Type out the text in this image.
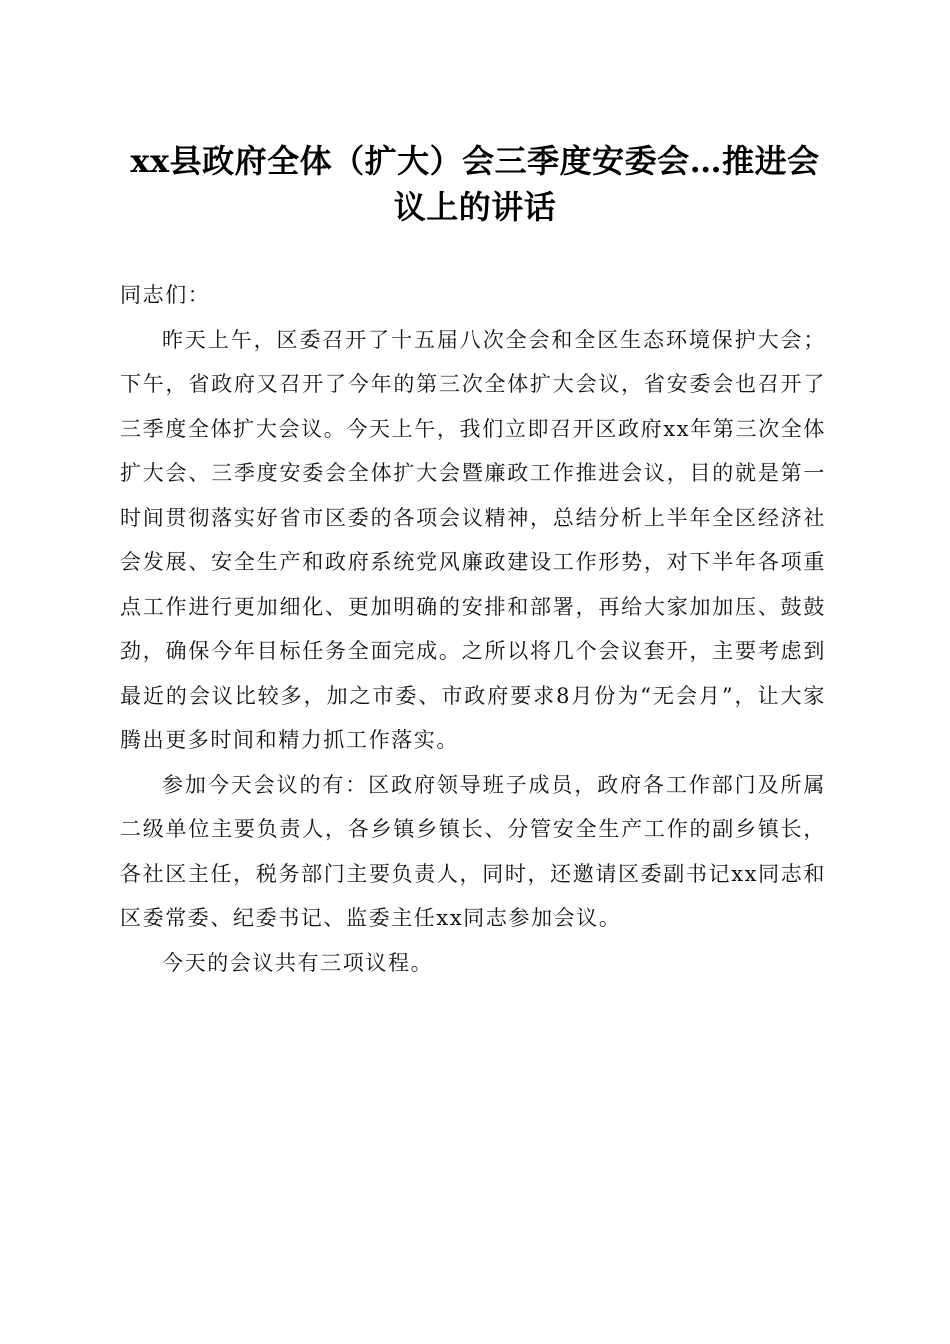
xx县政府全体（扩大）会三季度安委会…推进会议上的讲话

同志们：

昨天上午，区委召开了十五届八次全会和全区生态环境保护大会；下午，省政府又召开了今年的第三次全体扩大会议，省安委会也召开了三季度全体扩大会议。今天上午，我们立即召开区政府xx年第三次全体扩大会、三季度安委会全体扩大会暨廉政工作推进会议，目的就是第一时间贯彻落实好省市区委的各项会议精神，总结分析上半年全区经济社会发展、安全生产和政府系统党风廉政建设工作形势，对下半年各项重点工作进行更加细化、更加明确的安排和部署，再给大家加加压、鼓鼓劲，确保今年目标任务全面完成。之所以将几个会议套开，主要考虑到最近的会议比较多，加之市委、市政府要求8月份为“无会月”，让大家腾出更多时间和精力抓工作落实。

参加今天会议的有：区政府领导班子成员，政府各工作部门及所属二级单位主要负责人，各乡镇乡镇长、分管安全生产工作的副乡镇长，各社区主任，税务部门主要负责人，同时，还邀请区委副书记xx同志和区委常委、纪委书记、监委主任xx同志参加会议。

今天的会议共有三项议程。
